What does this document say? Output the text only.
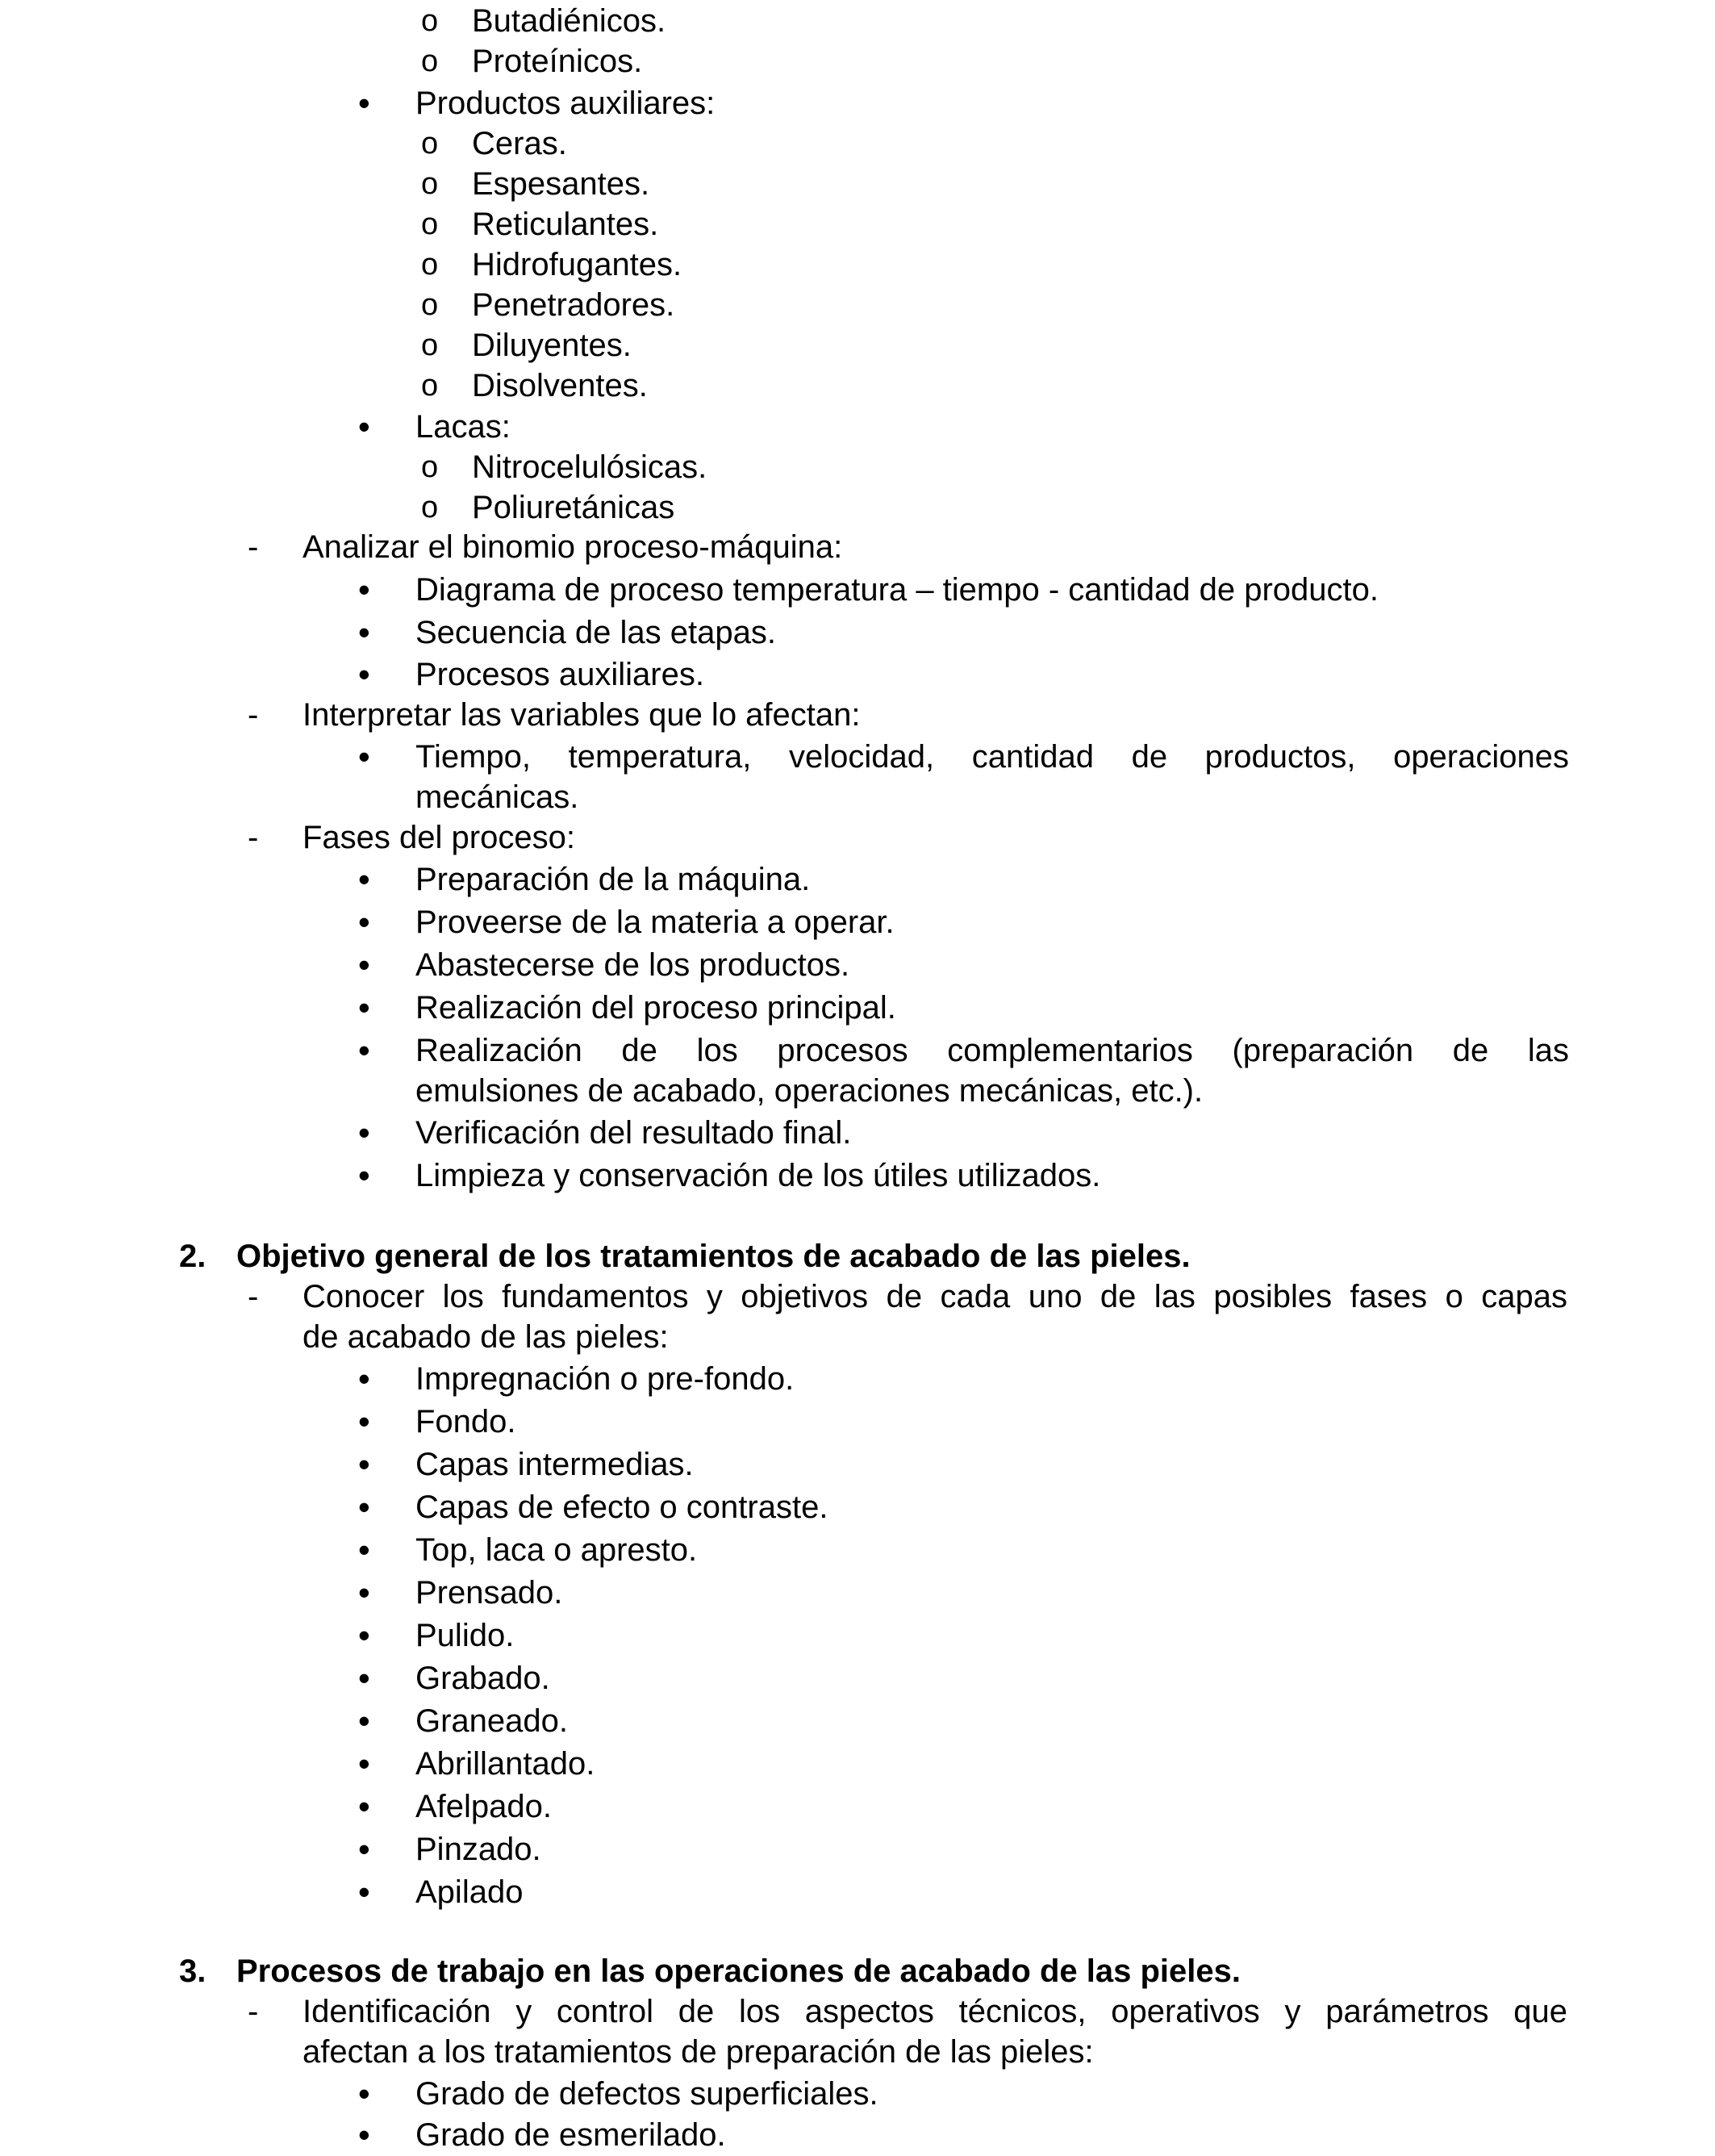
o Butadiénicos.
o Proteínicos.
• Productos auxiliares:
o Ceras.
o Espesantes.
o Reticulantes.
o Hidrofugantes.
o Penetradores.
o Diluyentes.
o Disolventes.
• Lacas:
o Nitrocelulósicas.
o Poliuretánicas
- Analizar el binomio proceso-máquina:
• Diagrama de proceso temperatura – tiempo - cantidad de producto.
• Secuencia de las etapas.
• Procesos auxiliares.
- Interpretar las variables que lo afectan:
• Tiempo, temperatura, velocidad, cantidad de productos, operaciones
mecánicas.
- Fases del proceso:
• Preparación de la máquina.
• Proveerse de la materia a operar.
• Abastecerse de los productos.
• Realización del proceso principal.
• Realización de los procesos complementarios (preparación de las
emulsiones de acabado, operaciones mecánicas, etc.).
• Verificación del resultado final.
• Limpieza y conservación de los útiles utilizados.
2. Objetivo general de los tratamientos de acabado de las pieles.
- Conocer los fundamentos y objetivos de cada uno de las posibles fases o capas
de acabado de las pieles:
• Impregnación o pre-fondo.
• Fondo.
• Capas intermedias.
• Capas de efecto o contraste.
• Top, laca o apresto.
• Prensado.
• Pulido.
• Grabado.
• Graneado.
• Abrillantado.
• Afelpado.
• Pinzado.
• Apilado
3. Procesos de trabajo en las operaciones de acabado de las pieles.
- Identificación y control de los aspectos técnicos, operativos y parámetros que
afectan a los tratamientos de preparación de las pieles:
• Grado de defectos superficiales.
• Grado de esmerilado.
